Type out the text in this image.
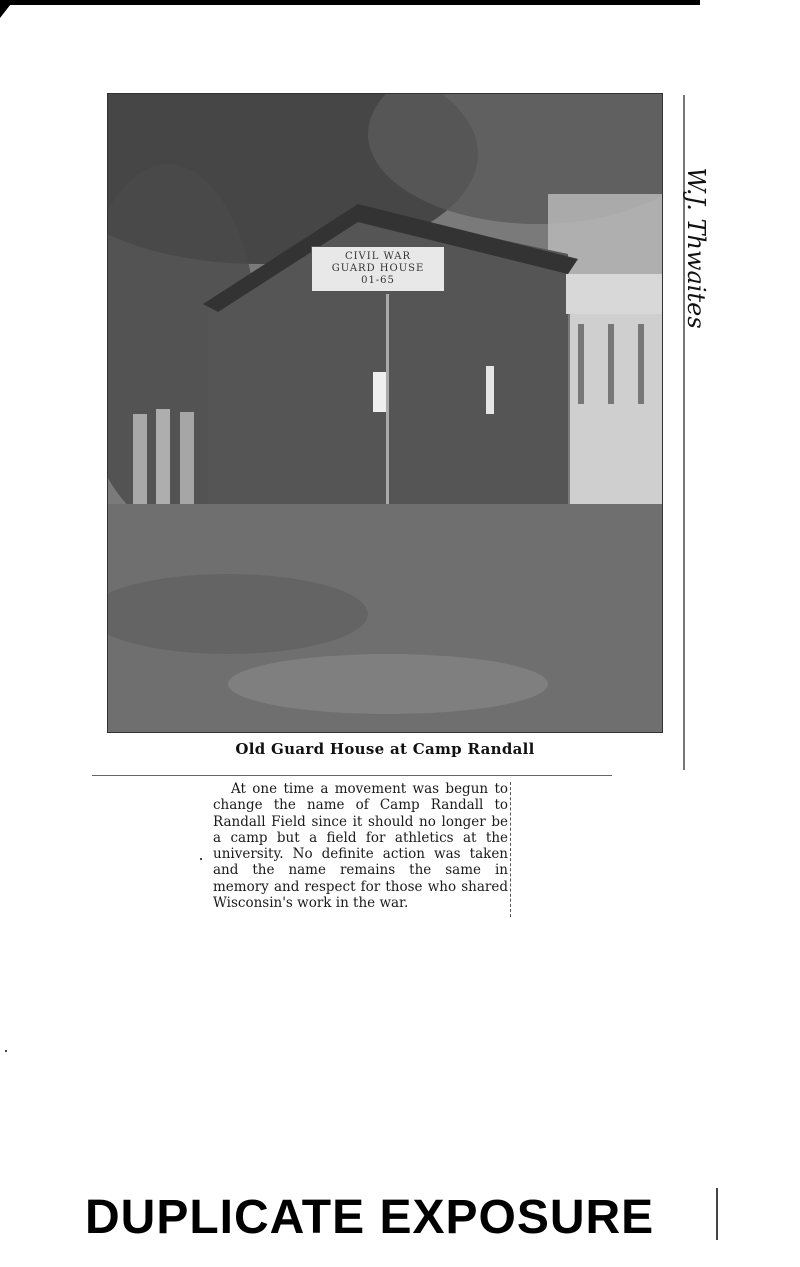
CIVIL WAR
GUARD HOUSE
01-65	W.J. Thwaites
Old Guard House at Camp Randall

At one time a movement was begun to change the name of Camp Randall to Randall Field since it should no longer be a camp but a field for athletics at the university. No definite action was taken and the name remains the same in memory and respect for those who shared Wisconsin's work in the war.

DUPLICATE EXPOSURE
